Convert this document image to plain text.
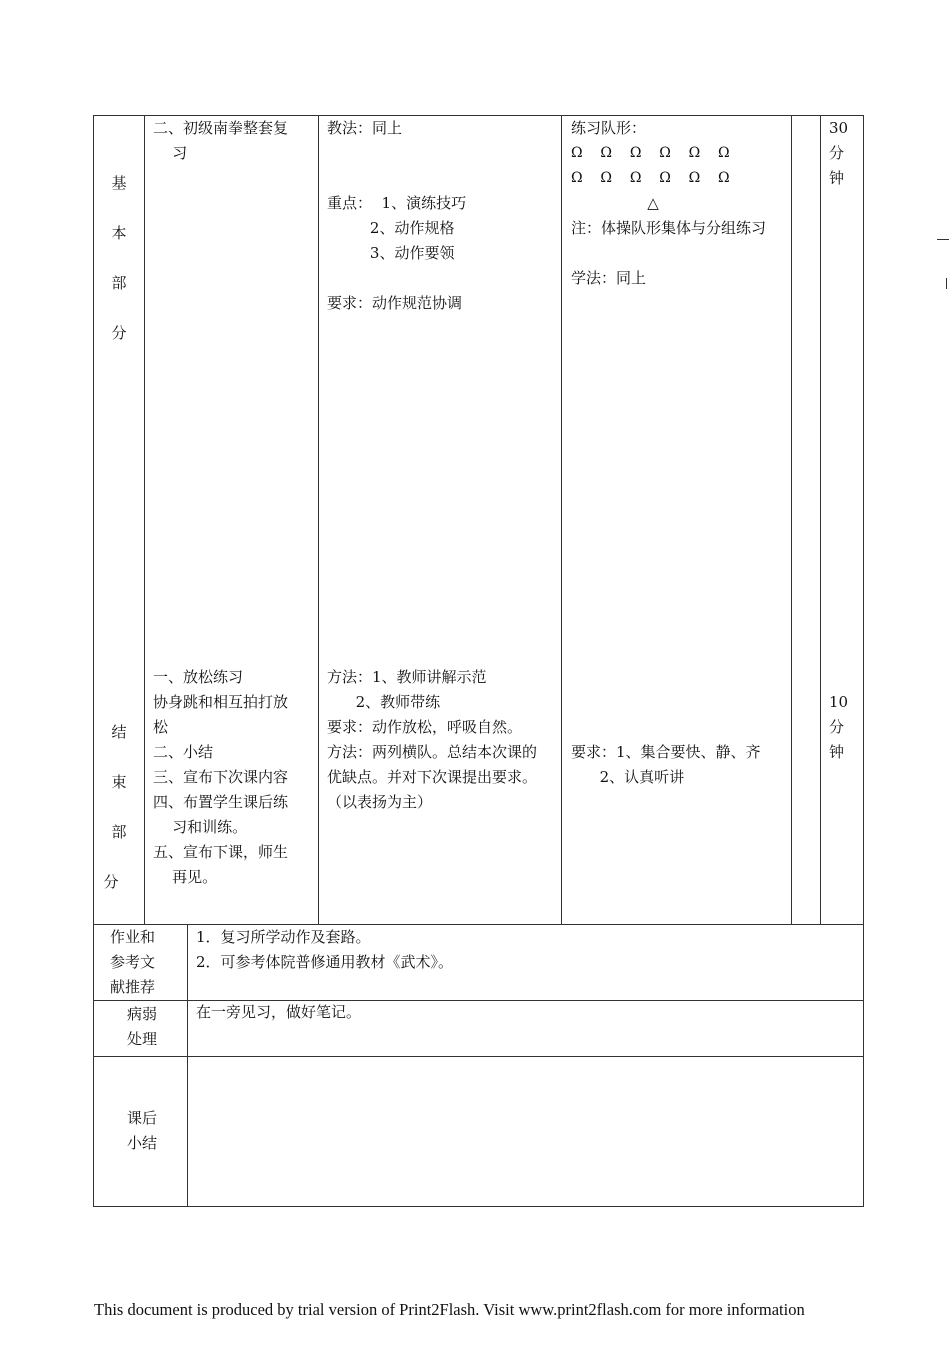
基
本
部
分
结
束
部
分
二、初级南拳整套复
习
教法：同上
重点：  1、演练技巧
2、动作规格
3、动作要领
要求：动作规范协调
练习队形：
Ω    Ω    Ω    Ω    Ω    Ω
Ω    Ω    Ω    Ω    Ω    Ω
△
注：体操队形集体与分组练习
学法：同上
30
分
钟
一、放松练习
协身跳和相互拍打放
松
二、小结
三、宣布下次课内容
四、布置学生课后练
习和训练。
五、宣布下课，师生
再见。
方法：1、教师讲解示范
2、教师带练
要求：动作放松，呼吸自然。
方法：两列横队。总结本次课的
优缺点。并对下次课提出要求。
（以表扬为主）
要求：1、集合要快、静、齐
2、认真听讲
10
分
钟
作业和
参考文
献推荐
1．复习所学动作及套路。
2．可参考体院普修通用教材《武术》。
病弱
处理
在一旁见习，做好笔记。
课后
小结
This document is produced by trial version of Print2Flash. Visit www.print2flash.com for more information
